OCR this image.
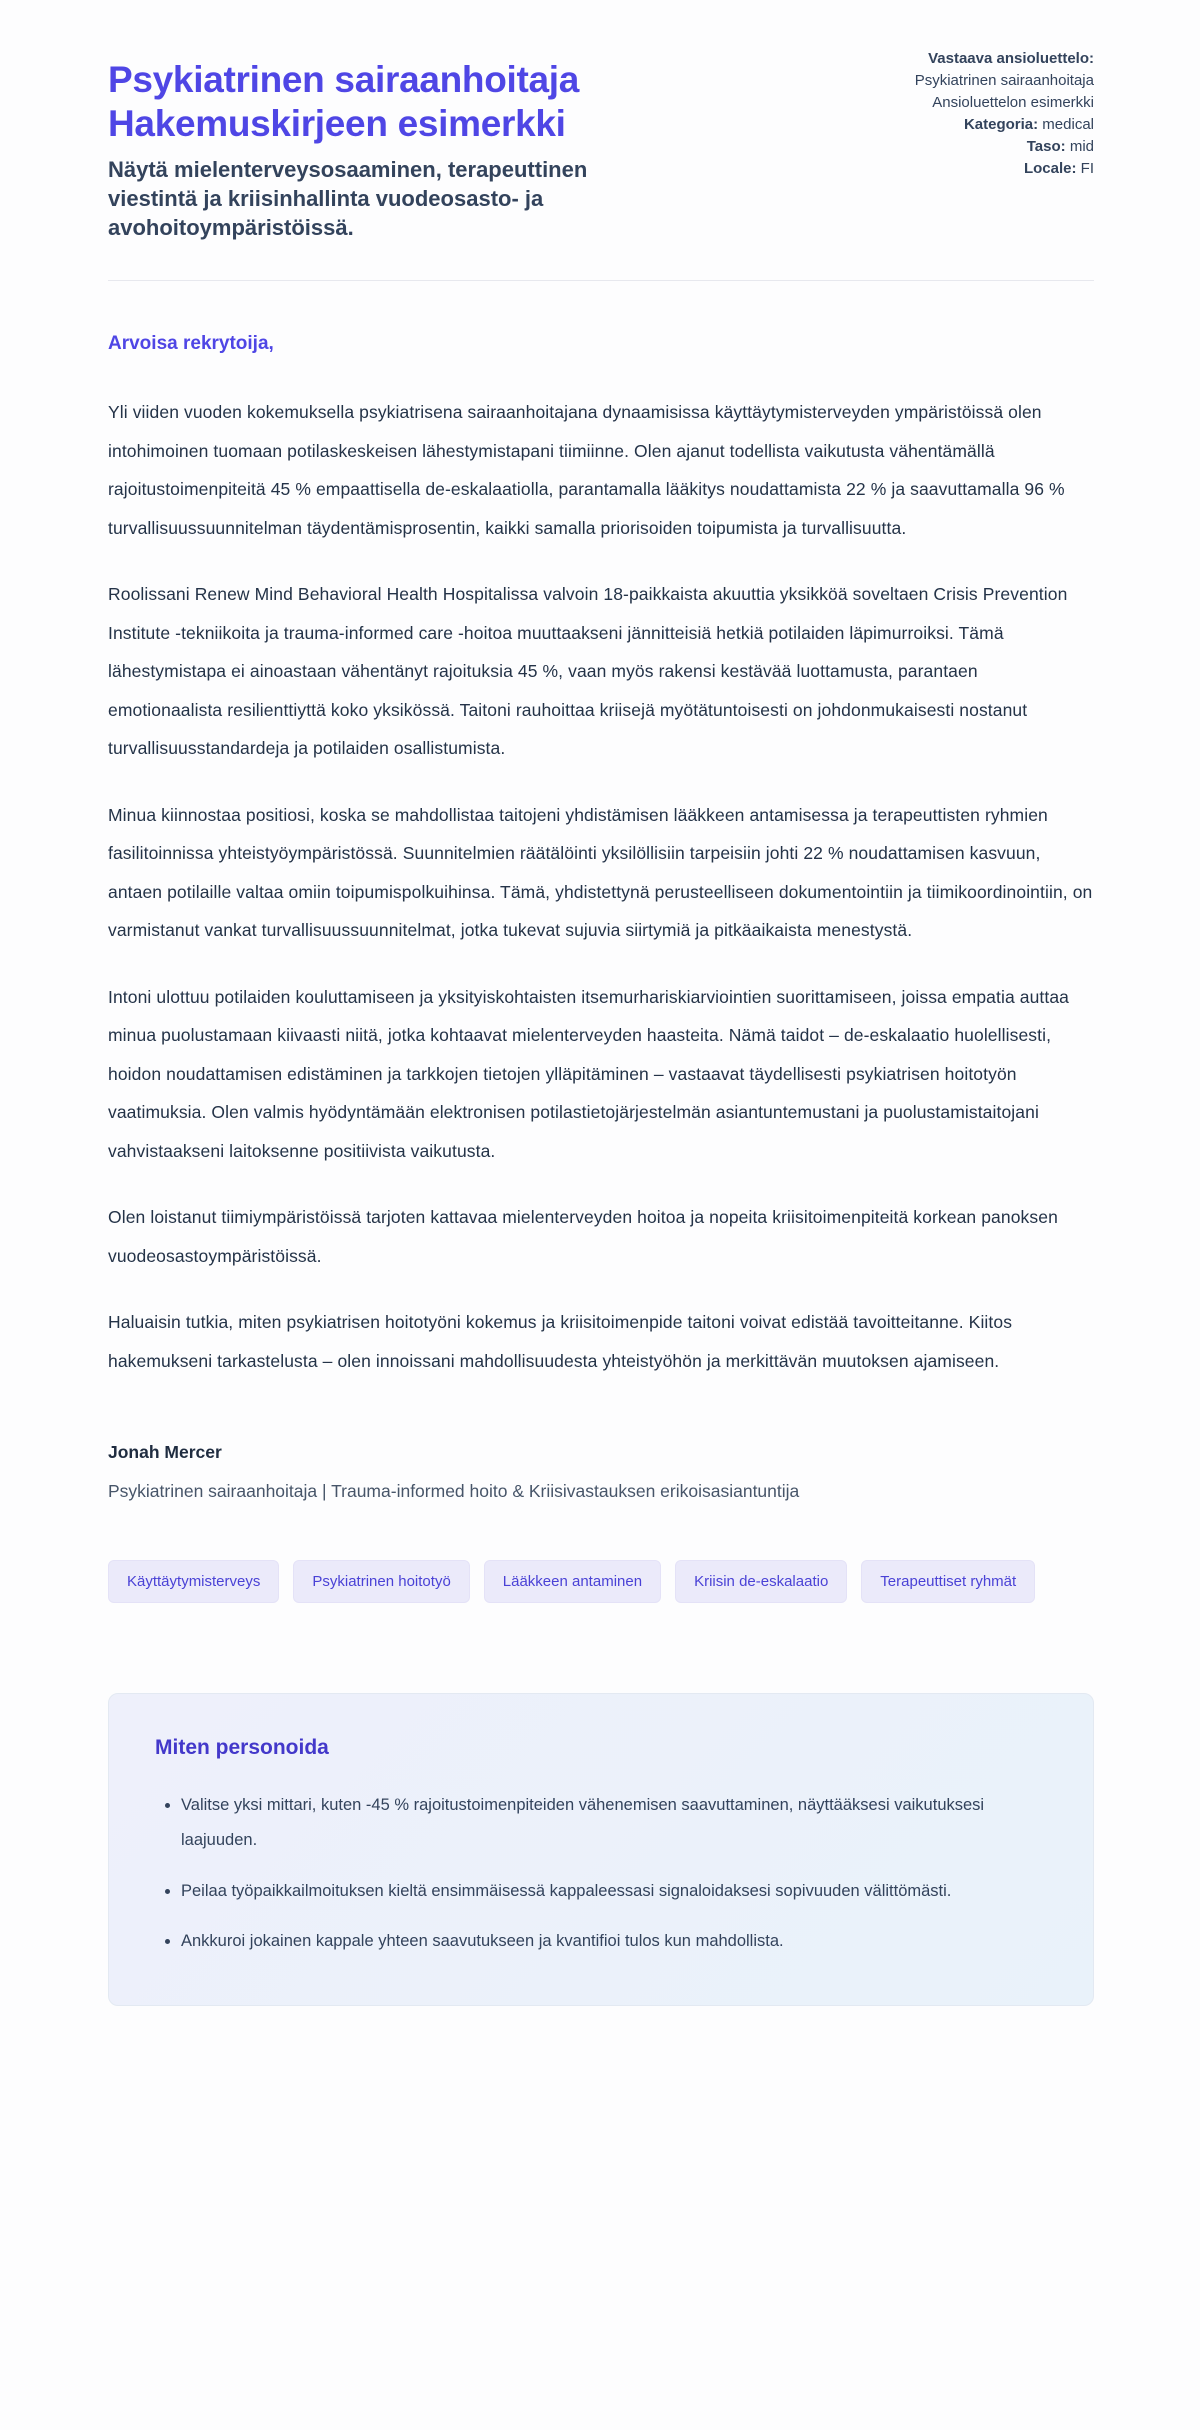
Psykiatrinen sairaanhoitaja Hakemuskirjeen esimerkki

Näytä mielenterveysosaaminen, terapeuttinen viestintä ja kriisinhallinta vuodeosasto- ja avohoitoympäristöissä.

Vastaava ansioluettelo:
Psykiatrinen sairaanhoitaja
Ansioluettelon esimerkki
Kategoria: medical
Taso: mid
Locale: FI

Arvoisa rekrytoija,

Yli viiden vuoden kokemuksella psykiatrisena sairaanhoitajana dynaamisissa käyttäytymisterveyden ympäristöissä olen intohimoinen tuomaan potilaskeskeisen lähestymistapani tiimiinne. Olen ajanut todellista vaikutusta vähentämällä rajoitustoimenpiteitä 45 % empaattisella de-eskalaatiolla, parantamalla lääkitys noudattamista 22 % ja saavuttamalla 96 % turvallisuussuunnitelman täydentämisprosentin, kaikki samalla priorisoiden toipumista ja turvallisuutta.

Roolissani Renew Mind Behavioral Health Hospitalissa valvoin 18-paikkaista akuuttia yksikköä soveltaen Crisis Prevention Institute -tekniikoita ja trauma-informed care -hoitoa muuttaakseni jännitteisiä hetkiä potilaiden läpimurroiksi. Tämä lähestymistapa ei ainoastaan vähentänyt rajoituksia 45 %, vaan myös rakensi kestävää luottamusta, parantaen emotionaalista resilienttiyttä koko yksikössä. Taitoni rauhoittaa kriisejä myötätuntoisesti on johdonmukaisesti nostanut turvallisuusstandardeja ja potilaiden osallistumista.

Minua kiinnostaa positiosi, koska se mahdollistaa taitojeni yhdistämisen lääkkeen antamisessa ja terapeuttisten ryhmien fasilitoinnissa yhteistyöympäristössä. Suunnitelmien räätälöinti yksilöllisiin tarpeisiin johti 22 % noudattamisen kasvuun, antaen potilaille valtaa omiin toipumispolkuihinsa. Tämä, yhdistettynä perusteelliseen dokumentointiin ja tiimikoordinointiin, on varmistanut vankat turvallisuussuunnitelmat, jotka tukevat sujuvia siirtymiä ja pitkäaikaista menestystä.

Intoni ulottuu potilaiden kouluttamiseen ja yksityiskohtaisten itsemurhariskiarviointien suorittamiseen, joissa empatia auttaa minua puolustamaan kiivaasti niitä, jotka kohtaavat mielenterveyden haasteita. Nämä taidot – de-eskalaatio huolellisesti, hoidon noudattamisen edistäminen ja tarkkojen tietojen ylläpitäminen – vastaavat täydellisesti psykiatrisen hoitotyön vaatimuksia. Olen valmis hyödyntämään elektronisen potilastietojärjestelmän asiantuntemustani ja puolustamistaitojani vahvistaakseni laitoksenne positiivista vaikutusta.

Olen loistanut tiimiympäristöissä tarjoten kattavaa mielenterveyden hoitoa ja nopeita kriisitoimenpiteitä korkean panoksen vuodeosastoympäristöissä.

Haluaisin tutkia, miten psykiatrisen hoitotyöni kokemus ja kriisitoimenpide taitoni voivat edistää tavoitteitanne. Kiitos hakemukseni tarkastelusta – olen innoissani mahdollisuudesta yhteistyöhön ja merkittävän muutoksen ajamiseen.

Jonah Mercer

Psykiatrinen sairaanhoitaja | Trauma-informed hoito & Kriisivastauksen erikoisasiantuntija

Käyttäytymisterveys	Psykiatrinen hoitotyö	Lääkkeen antaminen	Kriisin de-eskalaatio	Terapeuttiset ryhmät
Miten personoida
• Valitse yksi mittari, kuten -45 % rajoitustoimenpiteiden vähenemisen saavuttaminen, näyttääksesi vaikutuksesi laajuuden.
• Peilaa työpaikkailmoituksen kieltä ensimmäisessä kappaleessasi signaloidaksesi sopivuuden välittömästi.
• Ankkuroi jokainen kappale yhteen saavutukseen ja kvantifioi tulos kun mahdollista.
